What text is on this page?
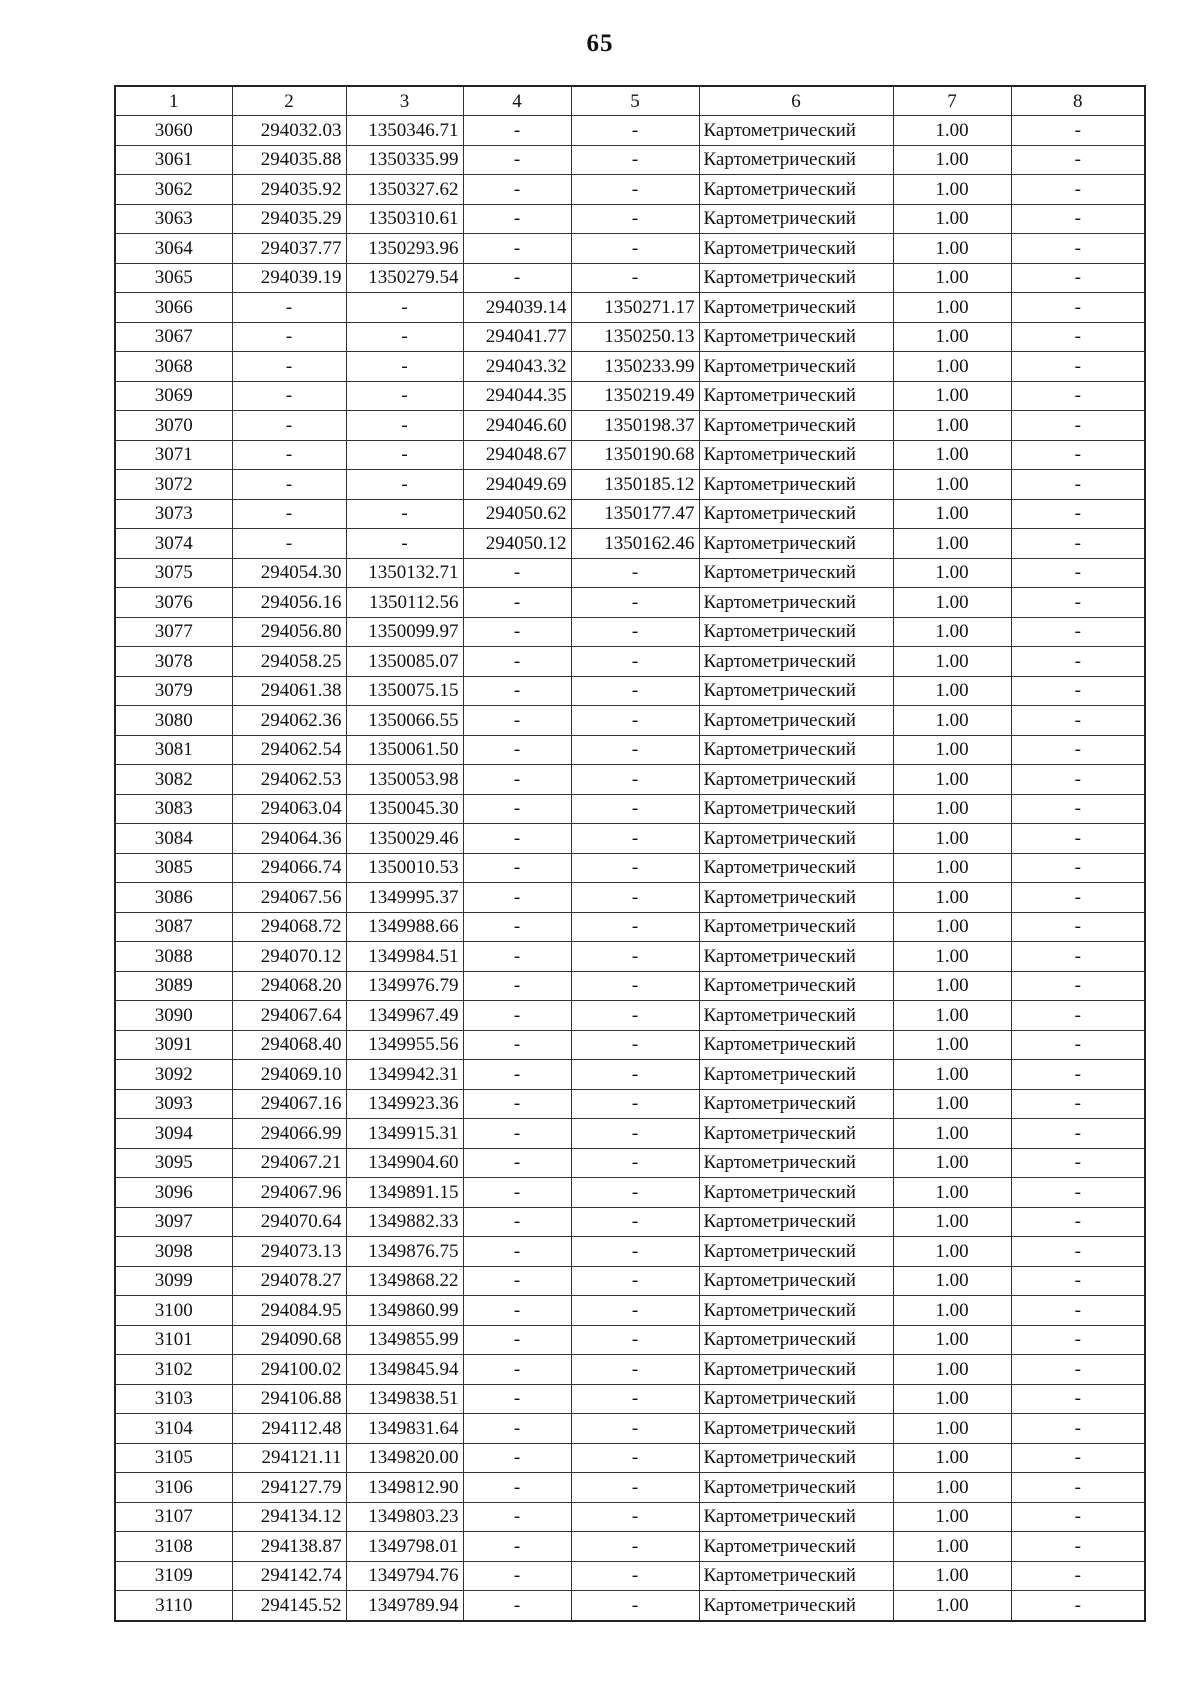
65
1	2	3	4	5	6	7	8
3060	294032.03	1350346.71	-	-	Картометрический	1.00	-
3061	294035.88	1350335.99	-	-	Картометрический	1.00	-
3062	294035.92	1350327.62	-	-	Картометрический	1.00	-
3063	294035.29	1350310.61	-	-	Картометрический	1.00	-
3064	294037.77	1350293.96	-	-	Картометрический	1.00	-
3065	294039.19	1350279.54	-	-	Картометрический	1.00	-
3066	-	-	294039.14	1350271.17	Картометрический	1.00	-
3067	-	-	294041.77	1350250.13	Картометрический	1.00	-
3068	-	-	294043.32	1350233.99	Картометрический	1.00	-
3069	-	-	294044.35	1350219.49	Картометрический	1.00	-
3070	-	-	294046.60	1350198.37	Картометрический	1.00	-
3071	-	-	294048.67	1350190.68	Картометрический	1.00	-
3072	-	-	294049.69	1350185.12	Картометрический	1.00	-
3073	-	-	294050.62	1350177.47	Картометрический	1.00	-
3074	-	-	294050.12	1350162.46	Картометрический	1.00	-
3075	294054.30	1350132.71	-	-	Картометрический	1.00	-
3076	294056.16	1350112.56	-	-	Картометрический	1.00	-
3077	294056.80	1350099.97	-	-	Картометрический	1.00	-
3078	294058.25	1350085.07	-	-	Картометрический	1.00	-
3079	294061.38	1350075.15	-	-	Картометрический	1.00	-
3080	294062.36	1350066.55	-	-	Картометрический	1.00	-
3081	294062.54	1350061.50	-	-	Картометрический	1.00	-
3082	294062.53	1350053.98	-	-	Картометрический	1.00	-
3083	294063.04	1350045.30	-	-	Картометрический	1.00	-
3084	294064.36	1350029.46	-	-	Картометрический	1.00	-
3085	294066.74	1350010.53	-	-	Картометрический	1.00	-
3086	294067.56	1349995.37	-	-	Картометрический	1.00	-
3087	294068.72	1349988.66	-	-	Картометрический	1.00	-
3088	294070.12	1349984.51	-	-	Картометрический	1.00	-
3089	294068.20	1349976.79	-	-	Картометрический	1.00	-
3090	294067.64	1349967.49	-	-	Картометрический	1.00	-
3091	294068.40	1349955.56	-	-	Картометрический	1.00	-
3092	294069.10	1349942.31	-	-	Картометрический	1.00	-
3093	294067.16	1349923.36	-	-	Картометрический	1.00	-
3094	294066.99	1349915.31	-	-	Картометрический	1.00	-
3095	294067.21	1349904.60	-	-	Картометрический	1.00	-
3096	294067.96	1349891.15	-	-	Картометрический	1.00	-
3097	294070.64	1349882.33	-	-	Картометрический	1.00	-
3098	294073.13	1349876.75	-	-	Картометрический	1.00	-
3099	294078.27	1349868.22	-	-	Картометрический	1.00	-
3100	294084.95	1349860.99	-	-	Картометрический	1.00	-
3101	294090.68	1349855.99	-	-	Картометрический	1.00	-
3102	294100.02	1349845.94	-	-	Картометрический	1.00	-
3103	294106.88	1349838.51	-	-	Картометрический	1.00	-
3104	294112.48	1349831.64	-	-	Картометрический	1.00	-
3105	294121.11	1349820.00	-	-	Картометрический	1.00	-
3106	294127.79	1349812.90	-	-	Картометрический	1.00	-
3107	294134.12	1349803.23	-	-	Картометрический	1.00	-
3108	294138.87	1349798.01	-	-	Картометрический	1.00	-
3109	294142.74	1349794.76	-	-	Картометрический	1.00	-
3110	294145.52	1349789.94	-	-	Картометрический	1.00	-
